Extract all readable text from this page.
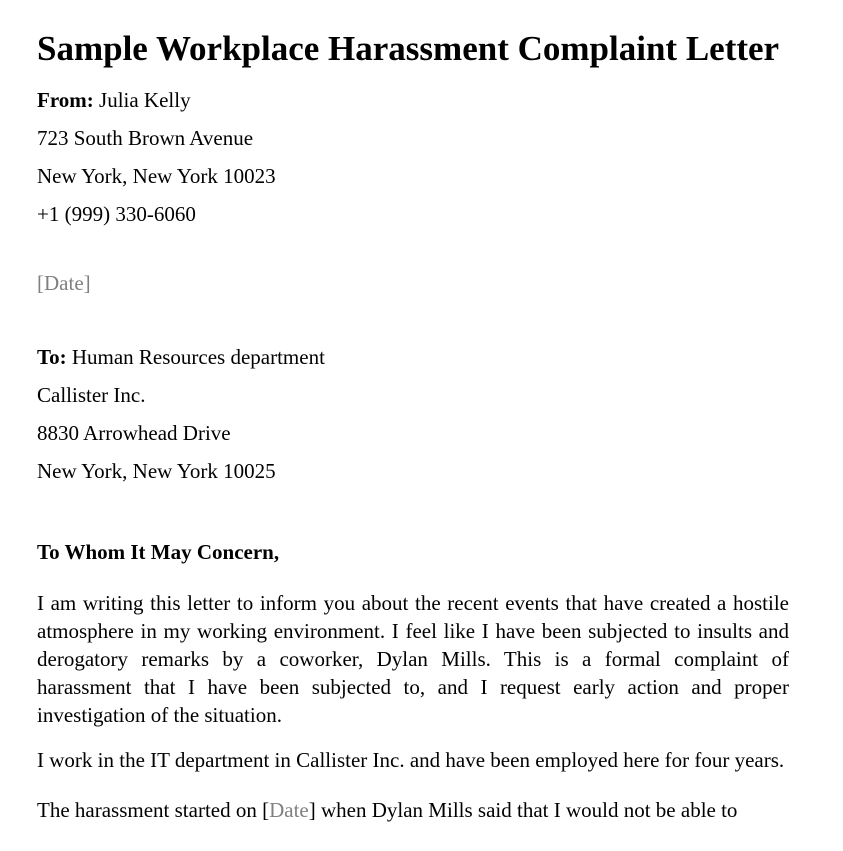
Sample Workplace Harassment Complaint Letter
From: Julia Kelly
723 South Brown Avenue
New York, New York 10023
+1 (999) 330-6060
[Date]
To: Human Resources department
Callister Inc.
8830 Arrowhead Drive
New York, New York 10025
To Whom It May Concern,

I am writing this letter to inform you about the recent events that have created a hostile atmosphere in my working environment. I feel like I have been subjected to insults and derogatory remarks by a coworker, Dylan Mills. This is a formal complaint of harassment that I have been subjected to, and I request early action and proper investigation of the situation.

I work in the IT department in Callister Inc. and have been employed here for four years.

The harassment started on [Date] when Dylan Mills said that I would not be able to
